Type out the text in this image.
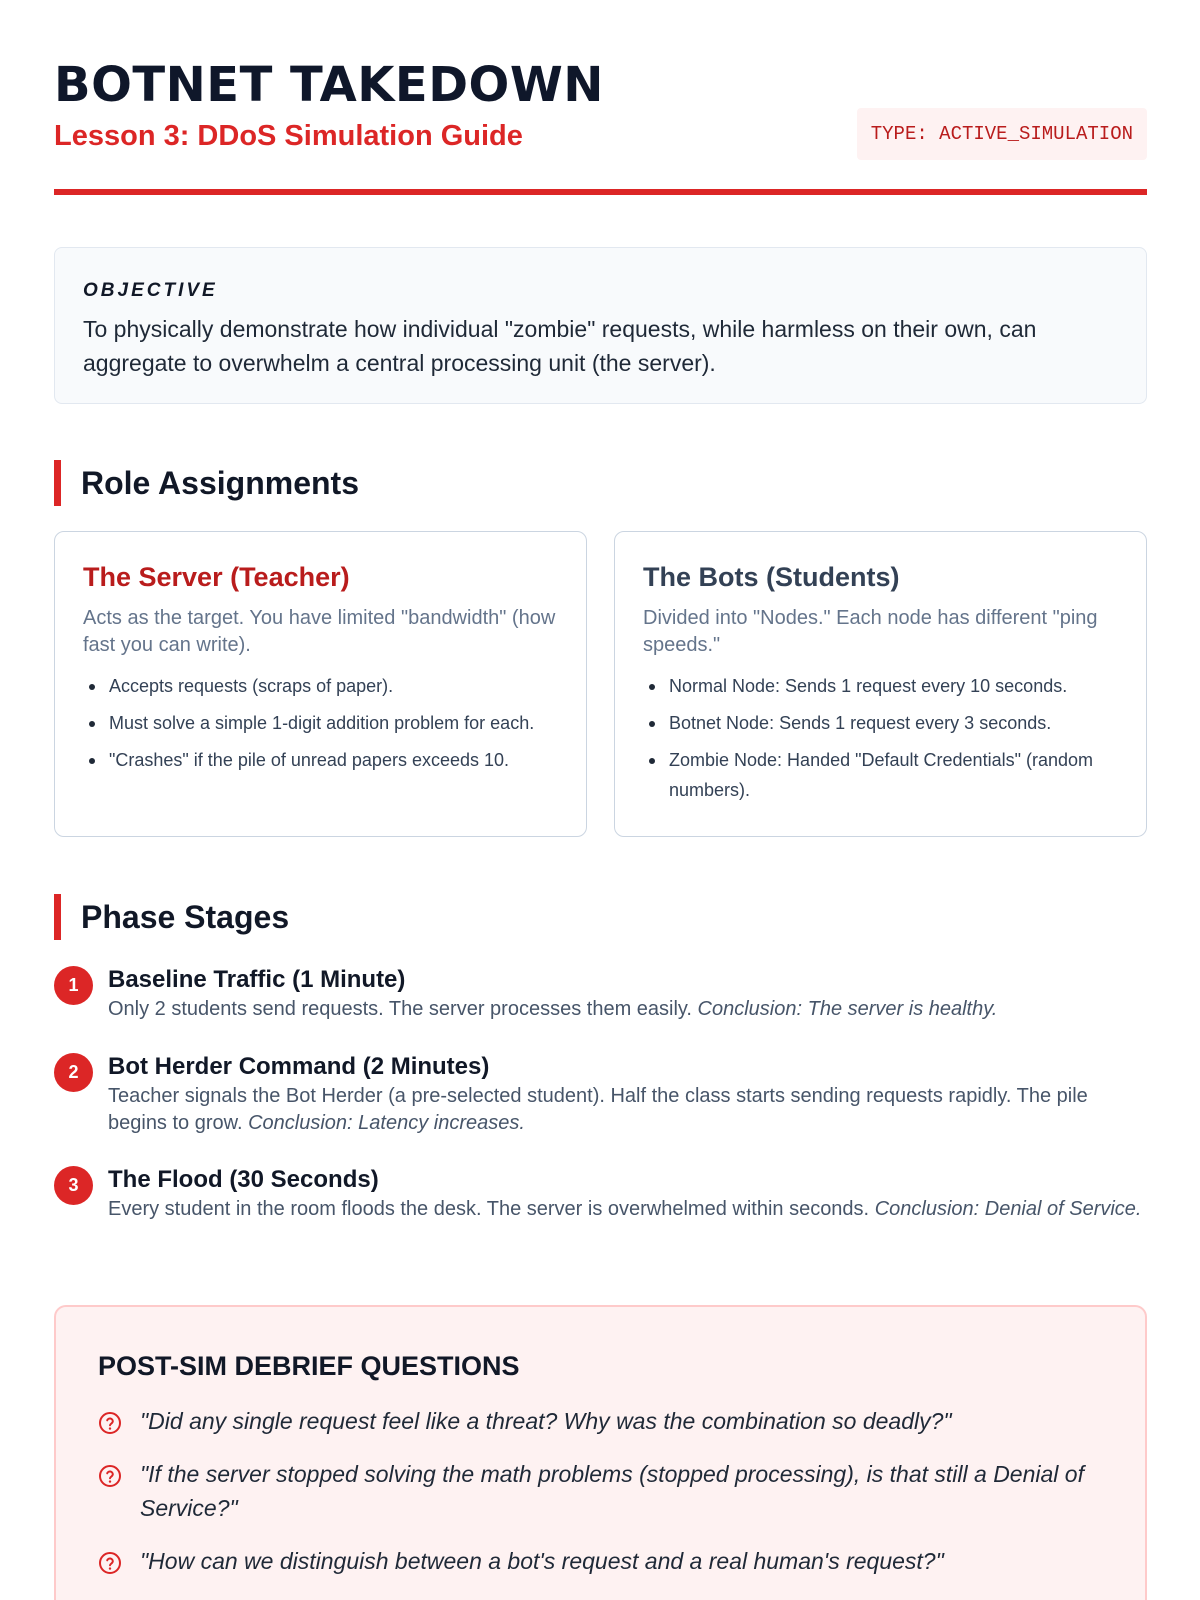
BOTNET TAKEDOWN
Lesson 3: DDoS Simulation Guide	TYPE: ACTIVE_SIMULATION
OBJECTIVE
To physically demonstrate how individual "zombie" requests, while harmless on their own, can aggregate to overwhelm a central processing unit (the server).
Role Assignments
The Server (Teacher)
Acts as the target. You have limited "bandwidth" (how fast you can write).
Accepts requests (scraps of paper).
Must solve a simple 1-digit addition problem for each.
"Crashes" if the pile of unread papers exceeds 10.
The Bots (Students)
Divided into "Nodes." Each node has different "ping speeds."
Normal Node: Sends 1 request every 10 seconds.
Botnet Node: Sends 1 request every 3 seconds.
Zombie Node: Handed "Default Credentials" (random numbers).
Phase Stages
1	Baseline Traffic (1 Minute)
Only 2 students send requests. The server processes them easily. Conclusion: The server is healthy.
2	Bot Herder Command (2 Minutes)
Teacher signals the Bot Herder (a pre-selected student). Half the class starts sending requests rapidly. The pile begins to grow. Conclusion: Latency increases.
3	The Flood (30 Seconds)
Every student in the room floods the desk. The server is overwhelmed within seconds. Conclusion: Denial of Service.
POST-SIM DEBRIEF QUESTIONS
"Did any single request feel like a threat? Why was the combination so deadly?"
"If the server stopped solving the math problems (stopped processing), is that still a Denial of Service?"
"How can we distinguish between a bot's request and a real human's request?"
